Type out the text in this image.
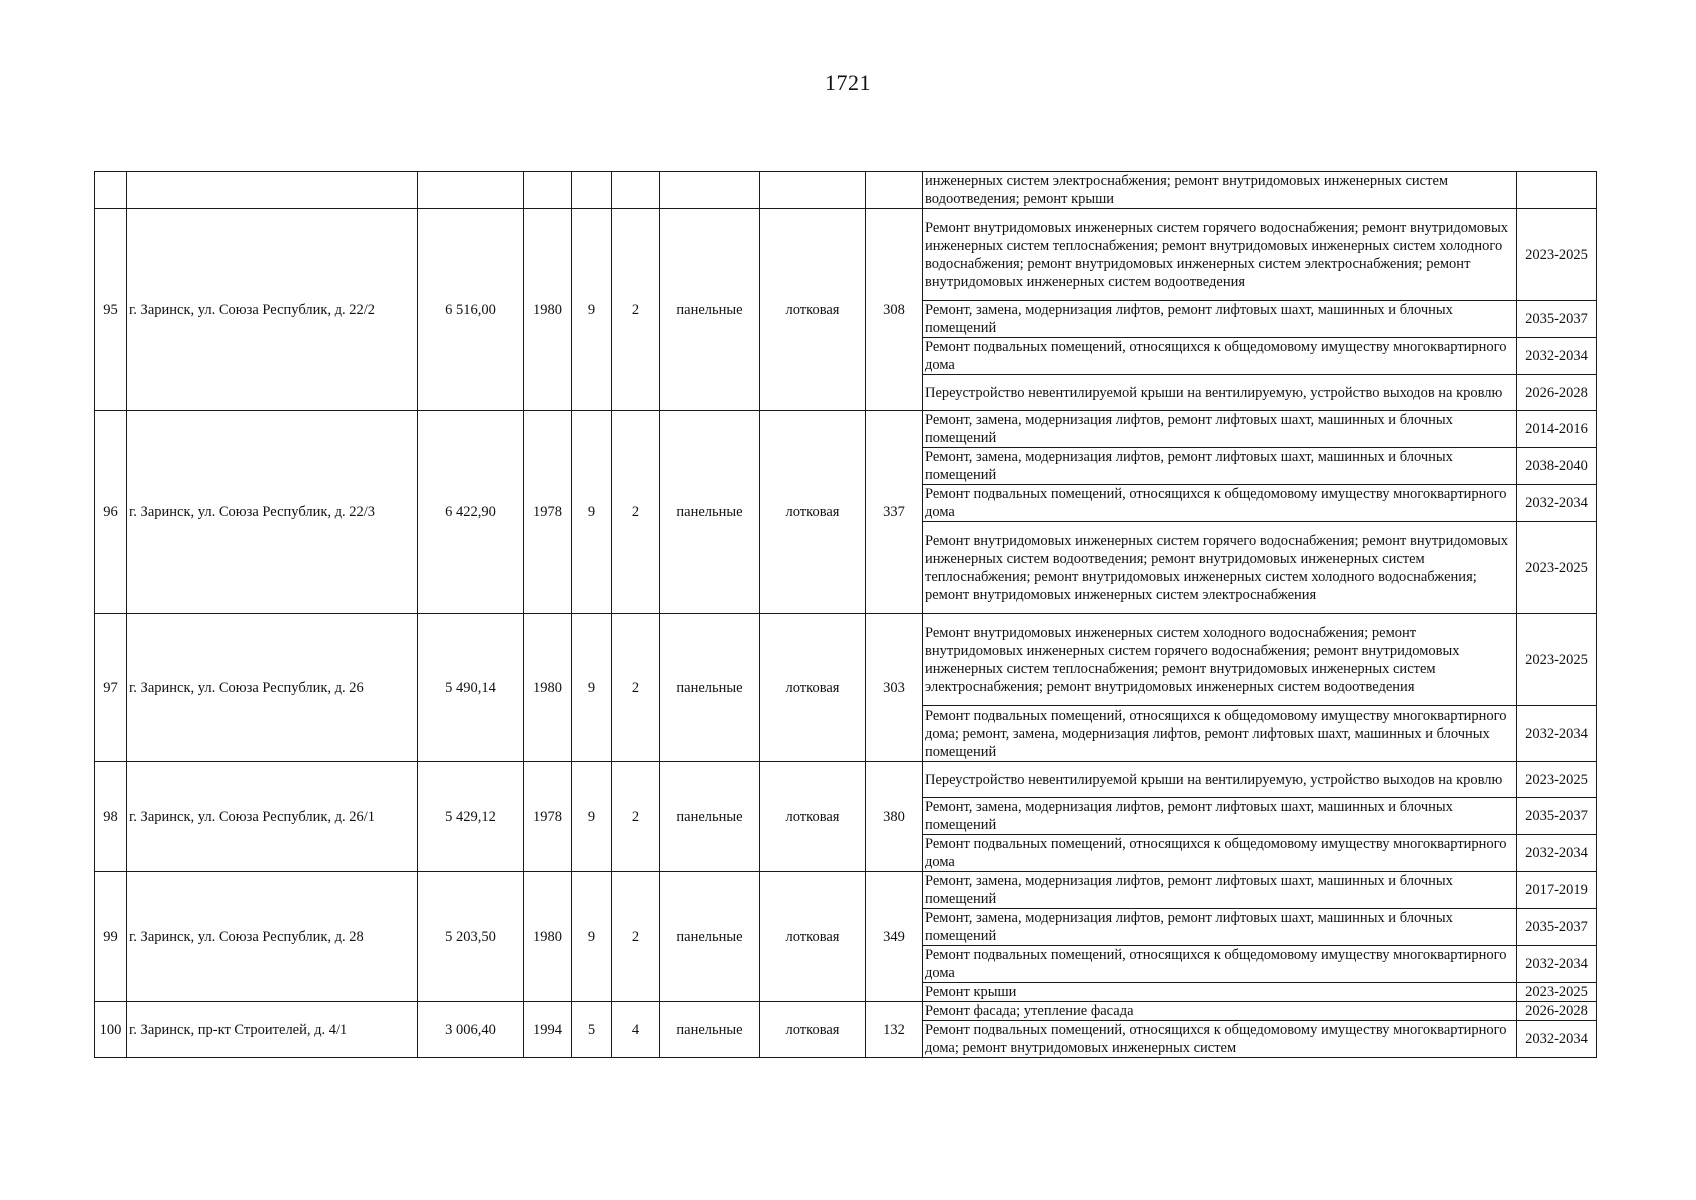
1721
									инженерных систем электроснабжения; ремонт внутридомовых инженерных систем водоотведения; ремонт крыши	
95	г. Заринск, ул. Союза Республик, д. 22/2	6 516,00	1980	9	2	панельные	лотковая	308	Ремонт внутридомовых инженерных систем горячего водоснабжения; ремонт внутридомовых инженерных систем теплоснабжения; ремонт внутридомовых инженерных систем холодного водоснабжения; ремонт внутридомовых инженерных систем электроснабжения; ремонт внутридомовых инженерных систем водоотведения	2023-2025
									Ремонт, замена, модернизация лифтов, ремонт лифтовых шахт, машинных и блочных помещений	2035-2037
									Ремонт подвальных помещений, относящихся к общедомовому имуществу многоквартирного дома	2032-2034
									Переустройство невентилируемой крыши на вентилируемую, устройство выходов на кровлю	2026-2028
96	г. Заринск, ул. Союза Республик, д. 22/3	6 422,90	1978	9	2	панельные	лотковая	337	Ремонт, замена, модернизация лифтов, ремонт лифтовых шахт, машинных и блочных помещений	2014-2016
									Ремонт, замена, модернизация лифтов, ремонт лифтовых шахт, машинных и блочных помещений	2038-2040
									Ремонт подвальных помещений, относящихся к общедомовому имуществу многоквартирного дома	2032-2034
									Ремонт внутридомовых инженерных систем горячего водоснабжения; ремонт внутридомовых инженерных систем водоотведения; ремонт внутридомовых инженерных систем теплоснабжения; ремонт внутридомовых инженерных систем холодного водоснабжения; ремонт внутридомовых инженерных систем электроснабжения	2023-2025
97	г. Заринск, ул. Союза Республик, д. 26	5 490,14	1980	9	2	панельные	лотковая	303	Ремонт внутридомовых инженерных систем холодного водоснабжения; ремонт внутридомовых инженерных систем горячего водоснабжения; ремонт внутридомовых инженерных систем теплоснабжения; ремонт внутридомовых инженерных систем электроснабжения; ремонт внутридомовых инженерных систем водоотведения	2023-2025
									Ремонт подвальных помещений, относящихся к общедомовому имуществу многоквартирного дома; ремонт, замена, модернизация лифтов, ремонт лифтовых шахт, машинных и блочных помещений	2032-2034
98	г. Заринск, ул. Союза Республик, д. 26/1	5 429,12	1978	9	2	панельные	лотковая	380	Переустройство невентилируемой крыши на вентилируемую, устройство выходов на кровлю	2023-2025
									Ремонт, замена, модернизация лифтов, ремонт лифтовых шахт, машинных и блочных помещений	2035-2037
									Ремонт подвальных помещений, относящихся к общедомовому имуществу многоквартирного дома	2032-2034
99	г. Заринск, ул. Союза Республик, д. 28	5 203,50	1980	9	2	панельные	лотковая	349	Ремонт, замена, модернизация лифтов, ремонт лифтовых шахт, машинных и блочных помещений	2017-2019
									Ремонт, замена, модернизация лифтов, ремонт лифтовых шахт, машинных и блочных помещений	2035-2037
									Ремонт подвальных помещений, относящихся к общедомовому имуществу многоквартирного дома	2032-2034
									Ремонт крыши	2023-2025
100	г. Заринск, пр-кт Строителей, д. 4/1	3 006,40	1994	5	4	панельные	лотковая	132	Ремонт фасада; утепление фасада	2026-2028
									Ремонт подвальных помещений, относящихся к общедомовому имуществу многоквартирного дома; ремонт внутридомовых инженерных систем	2032-2034
